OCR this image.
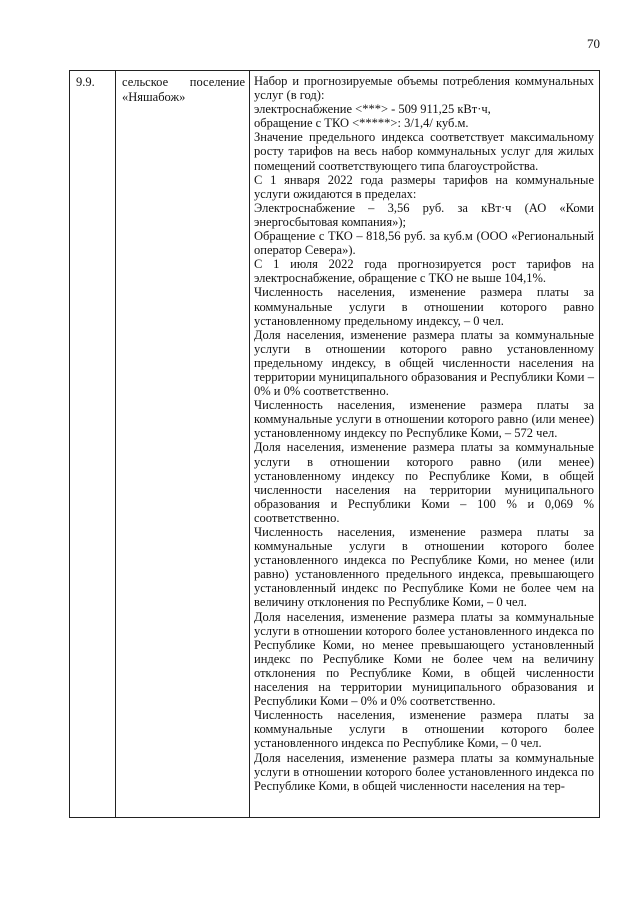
70
9.9.	сельское поселение
«Няшабож»

Набор и прогнозируемые объемы потребления коммунальных услуг (в год):

электроснабжение <***> - 509 911,25 кВт·ч,

обращение с ТКО <*****>: 3/1,4/ куб.м.

Значение предельного индекса соответствует максимальному росту тарифов на весь набор коммунальных услуг для жилых помещений соответствующего типа благоустройства.

С 1 января 2022 года размеры тарифов на коммунальные услуги ожидаются в пределах:

Электроснабжение – 3,56 руб. за кВт·ч (АО «Коми энергосбытовая компания»);

Обращение с ТКО – 818,56 руб. за куб.м (ООО «Региональный оператор Севера»).

С 1 июля 2022 года прогнозируется рост тарифов на электроснабжение, обращение с ТКО не выше 104,1%.

Численность населения, изменение размера платы за коммунальные услуги в отношении которого равно установленному предельному индексу, – 0 чел.

Доля населения, изменение размера платы за коммунальные услуги в отношении которого равно установленному предельному индексу, в общей численности населения на территории муниципального образования и Республики Коми – 0% и 0% соответственно.

Численность населения, изменение размера платы за коммунальные услуги в отношении которого равно (или менее) установленному индексу по Республике Коми, – 572 чел.

Доля населения, изменение размера платы за коммунальные услуги в отношении которого равно (или менее) установленному индексу по Республике Коми, в общей численности населения на территории муниципального образования и Республики Коми – 100 % и 0,069 % соответственно.

Численность населения, изменение размера платы за коммунальные услуги в отношении которого более установленного индекса по Республике Коми, но менее (или равно) установленного предельного индекса, превышающего установленный индекс по Республике Коми не более чем на величину отклонения по Республике Коми, – 0 чел.

Доля населения, изменение размера платы за коммунальные услуги в отношении которого более установленного индекса по Республике Коми, но менее превышающего установленный индекс по Республике Коми не более чем на величину отклонения по Республике Коми, в общей численности населения на территории муниципального образования и Республики Коми – 0% и 0% соответственно.

Численность населения, изменение размера платы за коммунальные услуги в отношении которого более установленного индекса по Республике Коми, – 0 чел.

Доля населения, изменение размера платы за коммунальные услуги в отношении которого более установленного индекса по Республике Коми, в общей численности населения на тер-
